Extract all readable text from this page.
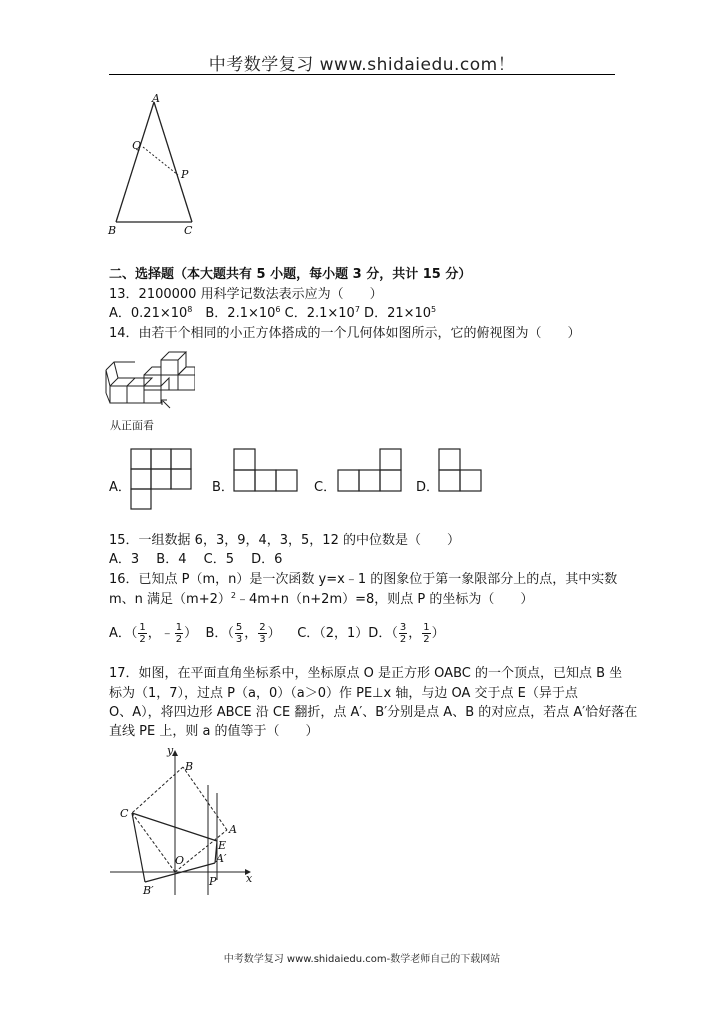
中考数学复习 www.shidaiedu.com！
A
Q
P
B	C
二、选择题（本大题共有 5 小题，每小题 3 分，共计 15 分）
13．2100000 用科学记数法表示应为（　　）
A．$0.21\times 10^8$　B．$2.1\times 10^6$ C．$2.1\times 10^7$ D．$21\times 10^5$
14．由若干个相同的小正方体搭成的一个几何体如图所示，它的俯视图为（　　）
从正面看
A．	B．	C．	D．
15．一组数据 6，3，9，4，3，5，12 的中位数是（　　）
A．3　 B．4　 C．5　 D．6
16．已知点 P（m，n）是一次函数 y=x﹣1 的图象位于第一象限部分上的点，其中实数
m、n 满足$(m+2)^2﹣4m+n(n+2m)=8$，则点 P 的坐标为（　　）
A．（ $\frac{1}{2}$ ，﹣ $\frac{1}{2}$ ） B．（ $\frac{5}{3}$ ， $\frac{2}{3}$ ） C．（2，1）D．（ $\frac{3}{2}$ ， $\frac{1}{2}$ ）
17．如图，在平面直角坐标系中，坐标原点 O 是正方形 OABC 的一个顶点，已知点 B 坐
标为（1，7），过点 P（a，0）（a＞0）作 PE⊥x 轴，与边 OA 交于点 E（异于点
O、A），将四边形 ABCE 沿 CE 翻折，点 A′、B′分别是点 A、B 的对应点，若点 A′恰好落在
直线 PE 上，则 a 的值等于（　　）
y
x
B
C
A
E
O	A′
P
B′
中考数学复习 www.shidaiedu.com-数学老师自己的下载网站
